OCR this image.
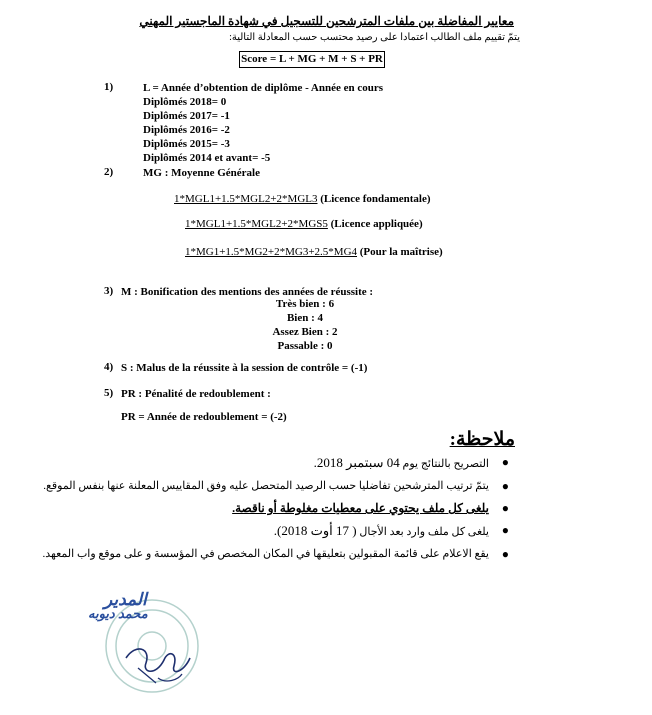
معايير المفاضلة بين ملفات المترشحين للتسجيل في شهادة الماجستير المهني
يتمّ تقييم ملف الطالب اعتمادا على رصيد محتسب حسب المعادلة التالية:
Score = L + MG + M + S + PR
1)	L = Année d’obtention de diplôme - Année en cours
Diplômés 2018= 0
Diplômés 2017= -1
Diplômés 2016= -2
Diplômés 2015= -3
Diplômés 2014 et avant= -5
2)	MG : Moyenne Générale
1*MGL1+1.5*MGL2+2*MGL3 (Licence fondamentale)
1*MGL1+1.5*MGL2+2*MGS5 (Licence appliquée)
1*MG1+1.5*MG2+2*MG3+2.5*MG4 (Pour la maîtrise)
3) M : Bonification des mentions des années de réussite :
Très bien : 6
Bien : 4
Assez Bien : 2
Passable : 0
4) S : Malus de la réussite à la session de contrôle = (-1)
5) PR : Pénalité de redoublement :
PR = Année de redoublement = (-2)
ملاحظة:
●
التصريح بالنتائج يوم 04 سبتمبر 2018.
●
يتمّ ترتيب المترشحين تفاضليا حسب الرصيد المتحصل عليه وفق المقاييس المعلنة عنها بنفس الموقع.
●
يلغى كل ملف يحتوي على معطيات مغلوطة أو ناقصة.
●
يلغى كل ملف وارد بعد الأجال ( 17 أوت 2018).
●
يقع الاعلام على قائمة المقبولين بتعليقها في المكان المخصص في المؤسسة و على موقع واب المعهد.
المدير
محمد ديوبه
